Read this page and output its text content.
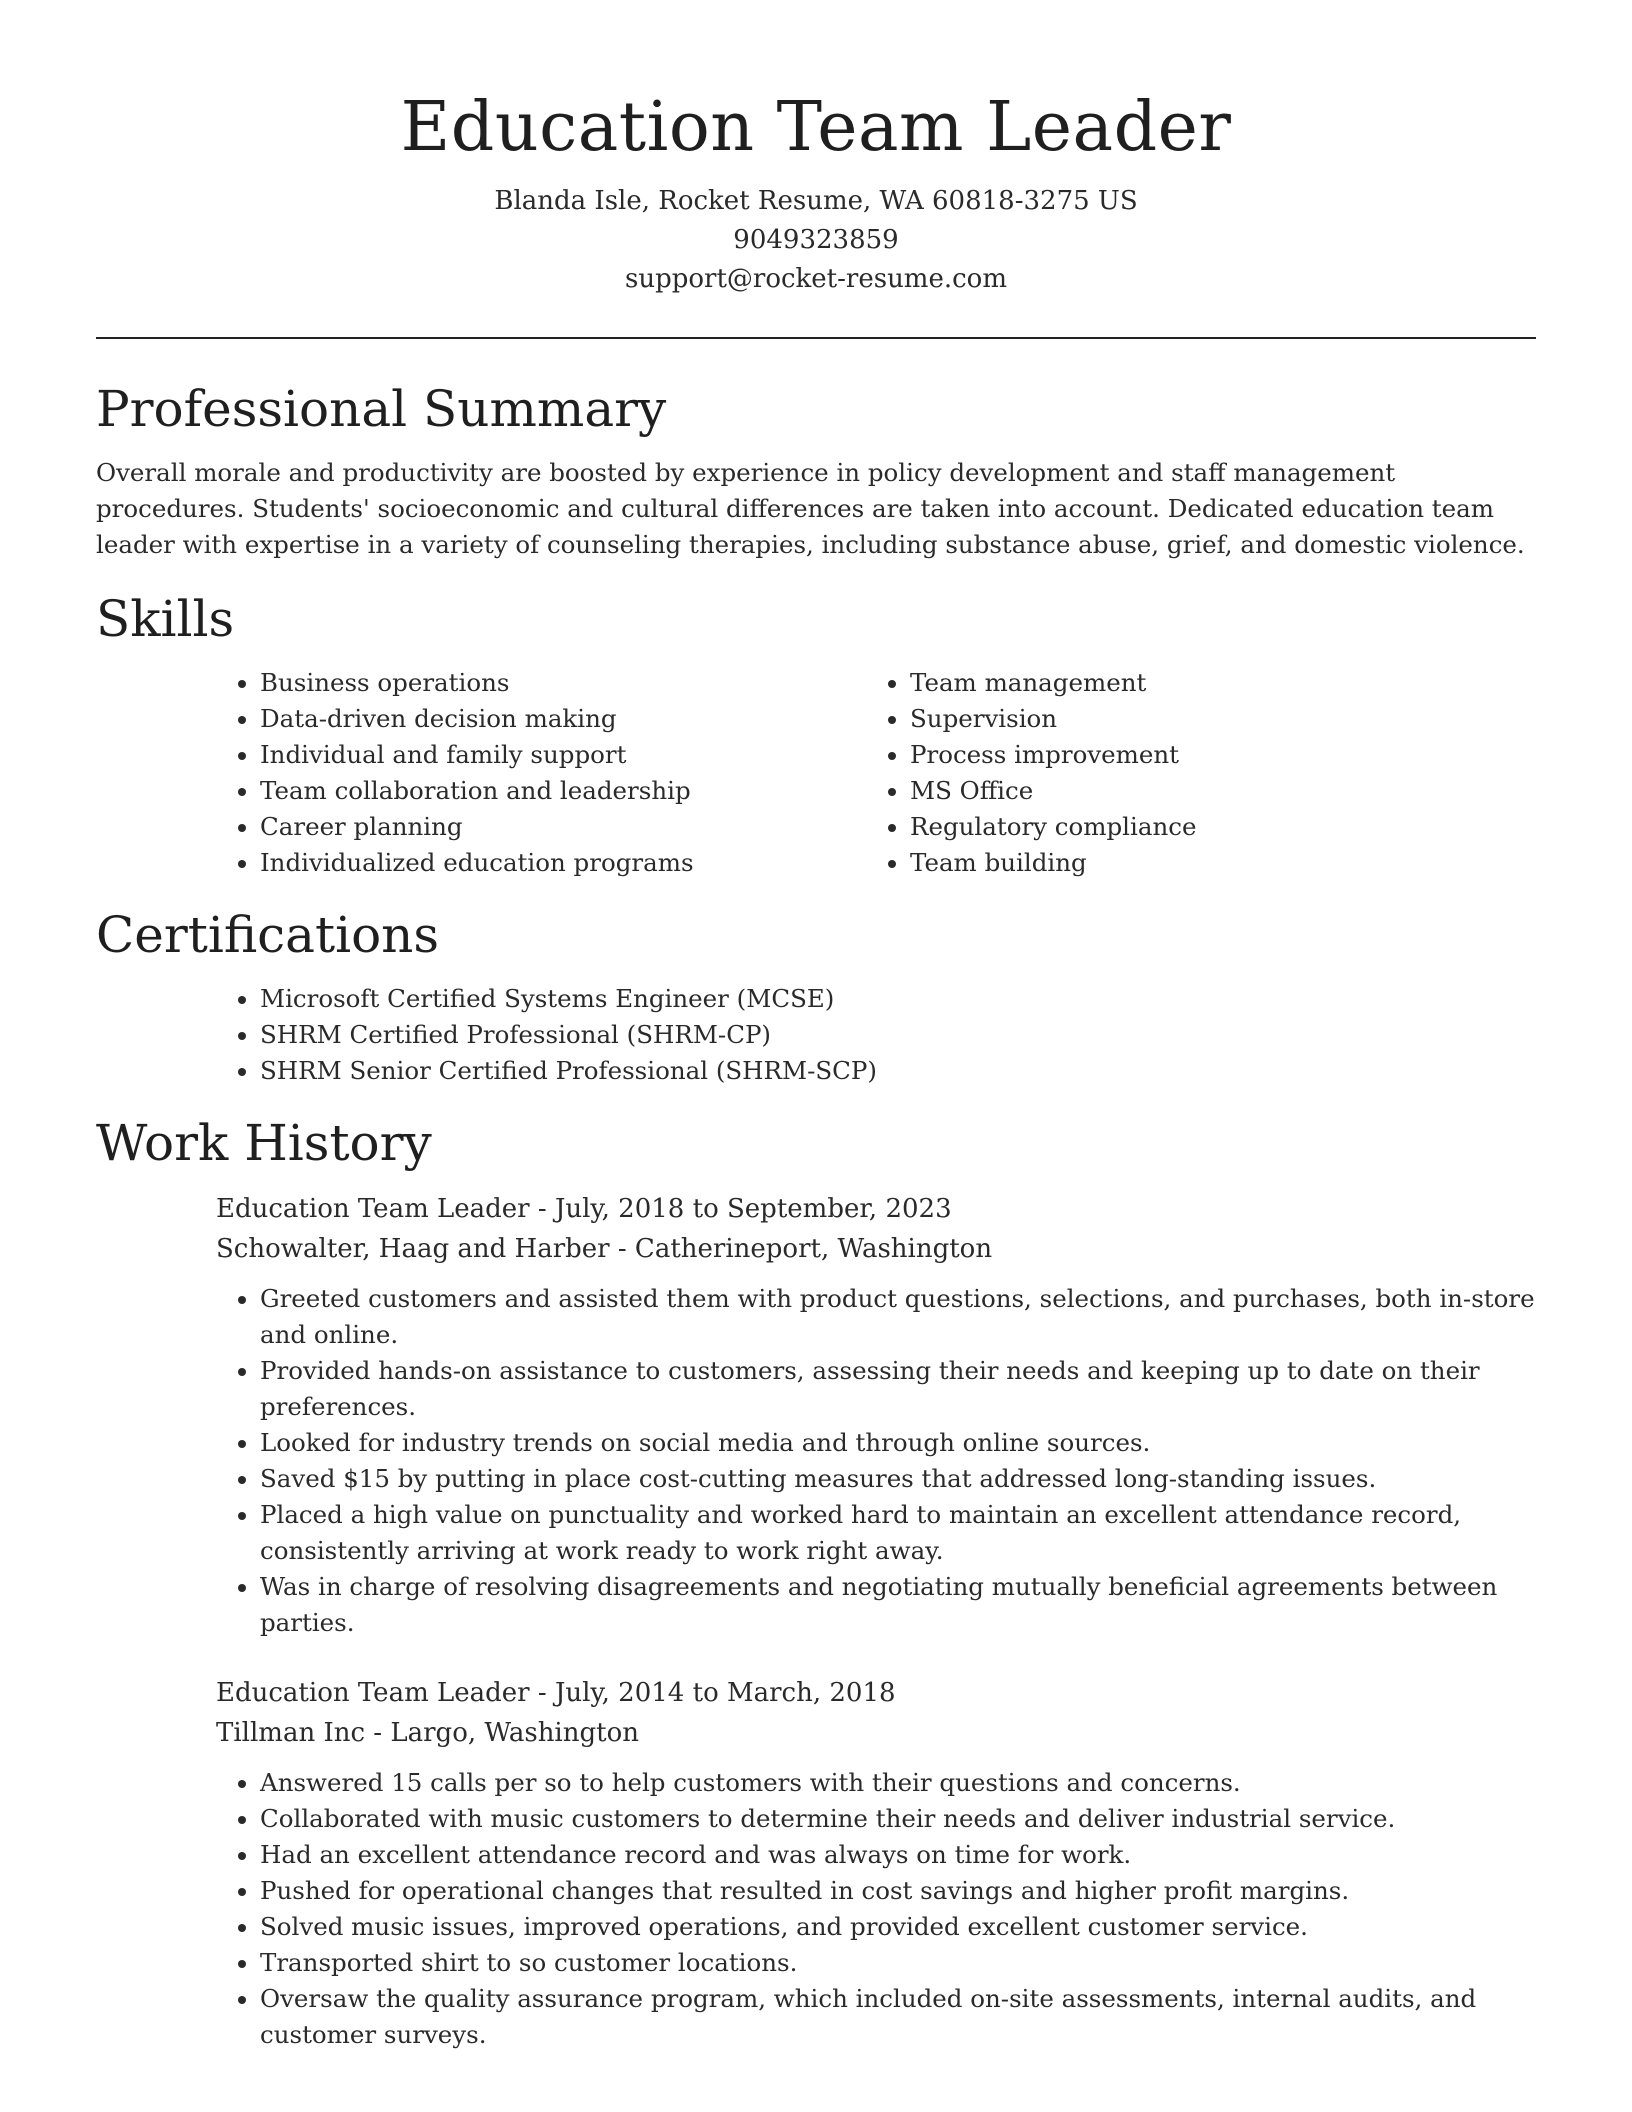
Education Team Leader
Blanda Isle, Rocket Resume, WA 60818-3275 US
9049323859
support@rocket-resume.com
Professional Summary

Overall morale and productivity are boosted by experience in policy development and staff management procedures. Students' socioeconomic and cultural differences are taken into account. Dedicated education team leader with expertise in a variety of counseling therapies, including substance abuse, grief, and domestic violence.

Skills
• Business operations
• Data-driven decision making
• Individual and family support
• Team collaboration and leadership
• Career planning
• Individualized education programs
• Team management
• Supervision
• Process improvement
• MS Office
• Regulatory compliance
• Team building
Certifications
• Microsoft Certified Systems Engineer (MCSE)
• SHRM Certified Professional (SHRM-CP)
• SHRM Senior Certified Professional (SHRM-SCP)
Work History
Education Team Leader - July, 2018 to September, 2023
Schowalter, Haag and Harber - Catherineport, Washington
• Greeted customers and assisted them with product questions, selections, and purchases, both in-store and online.
• Provided hands-on assistance to customers, assessing their needs and keeping up to date on their preferences.
• Looked for industry trends on social media and through online sources.
• Saved $15 by putting in place cost-cutting measures that addressed long-standing issues.
• Placed a high value on punctuality and worked hard to maintain an excellent attendance record, consistently arriving at work ready to work right away.
• Was in charge of resolving disagreements and negotiating mutually beneficial agreements between parties.
Education Team Leader - July, 2014 to March, 2018
Tillman Inc - Largo, Washington
• Answered 15 calls per so to help customers with their questions and concerns.
• Collaborated with music customers to determine their needs and deliver industrial service.
• Had an excellent attendance record and was always on time for work.
• Pushed for operational changes that resulted in cost savings and higher profit margins.
• Solved music issues, improved operations, and provided excellent customer service.
• Transported shirt to so customer locations.
• Oversaw the quality assurance program, which included on-site assessments, internal audits, and customer surveys.
